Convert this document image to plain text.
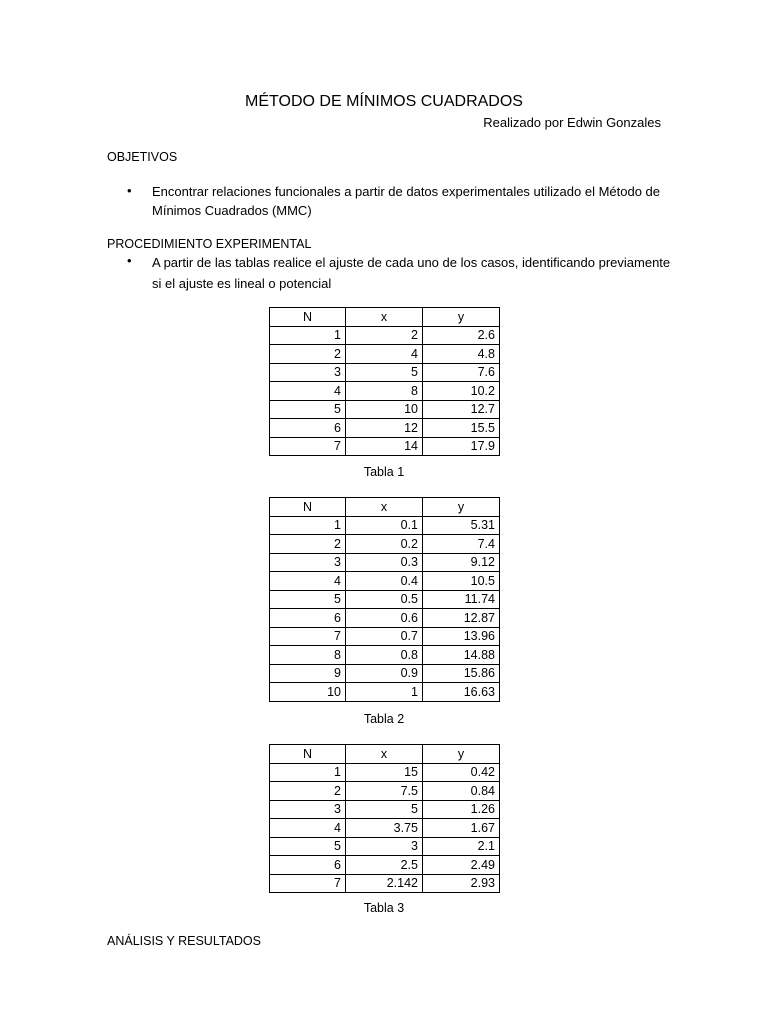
MÉTODO DE MÍNIMOS CUADRADOS
Realizado por Edwin Gonzales
OBJETIVOS
• Encontrar relaciones funcionales a partir de datos experimentales utilizado el Método de Mínimos Cuadrados (MMC)
PROCEDIMIENTO EXPERIMENTAL
• A partir de las tablas realice el ajuste de cada uno de los casos, identificando previamente si el ajuste es lineal o potencial
N	x	y
1	2	2.6
2	4	4.8
3	5	7.6
4	8	10.2
5	10	12.7
6	12	15.5
7	14	17.9
Tabla 1
N	x	y
1	0.1	5.31
2	0.2	7.4
3	0.3	9.12
4	0.4	10.5
5	0.5	11.74
6	0.6	12.87
7	0.7	13.96
8	0.8	14.88
9	0.9	15.86
10	1	16.63
Tabla 2
N	x	y
1	15	0.42
2	7.5	0.84
3	5	1.26
4	3.75	1.67
5	3	2.1
6	2.5	2.49
7	2.142	2.93
Tabla 3
ANÁLISIS Y RESULTADOS
